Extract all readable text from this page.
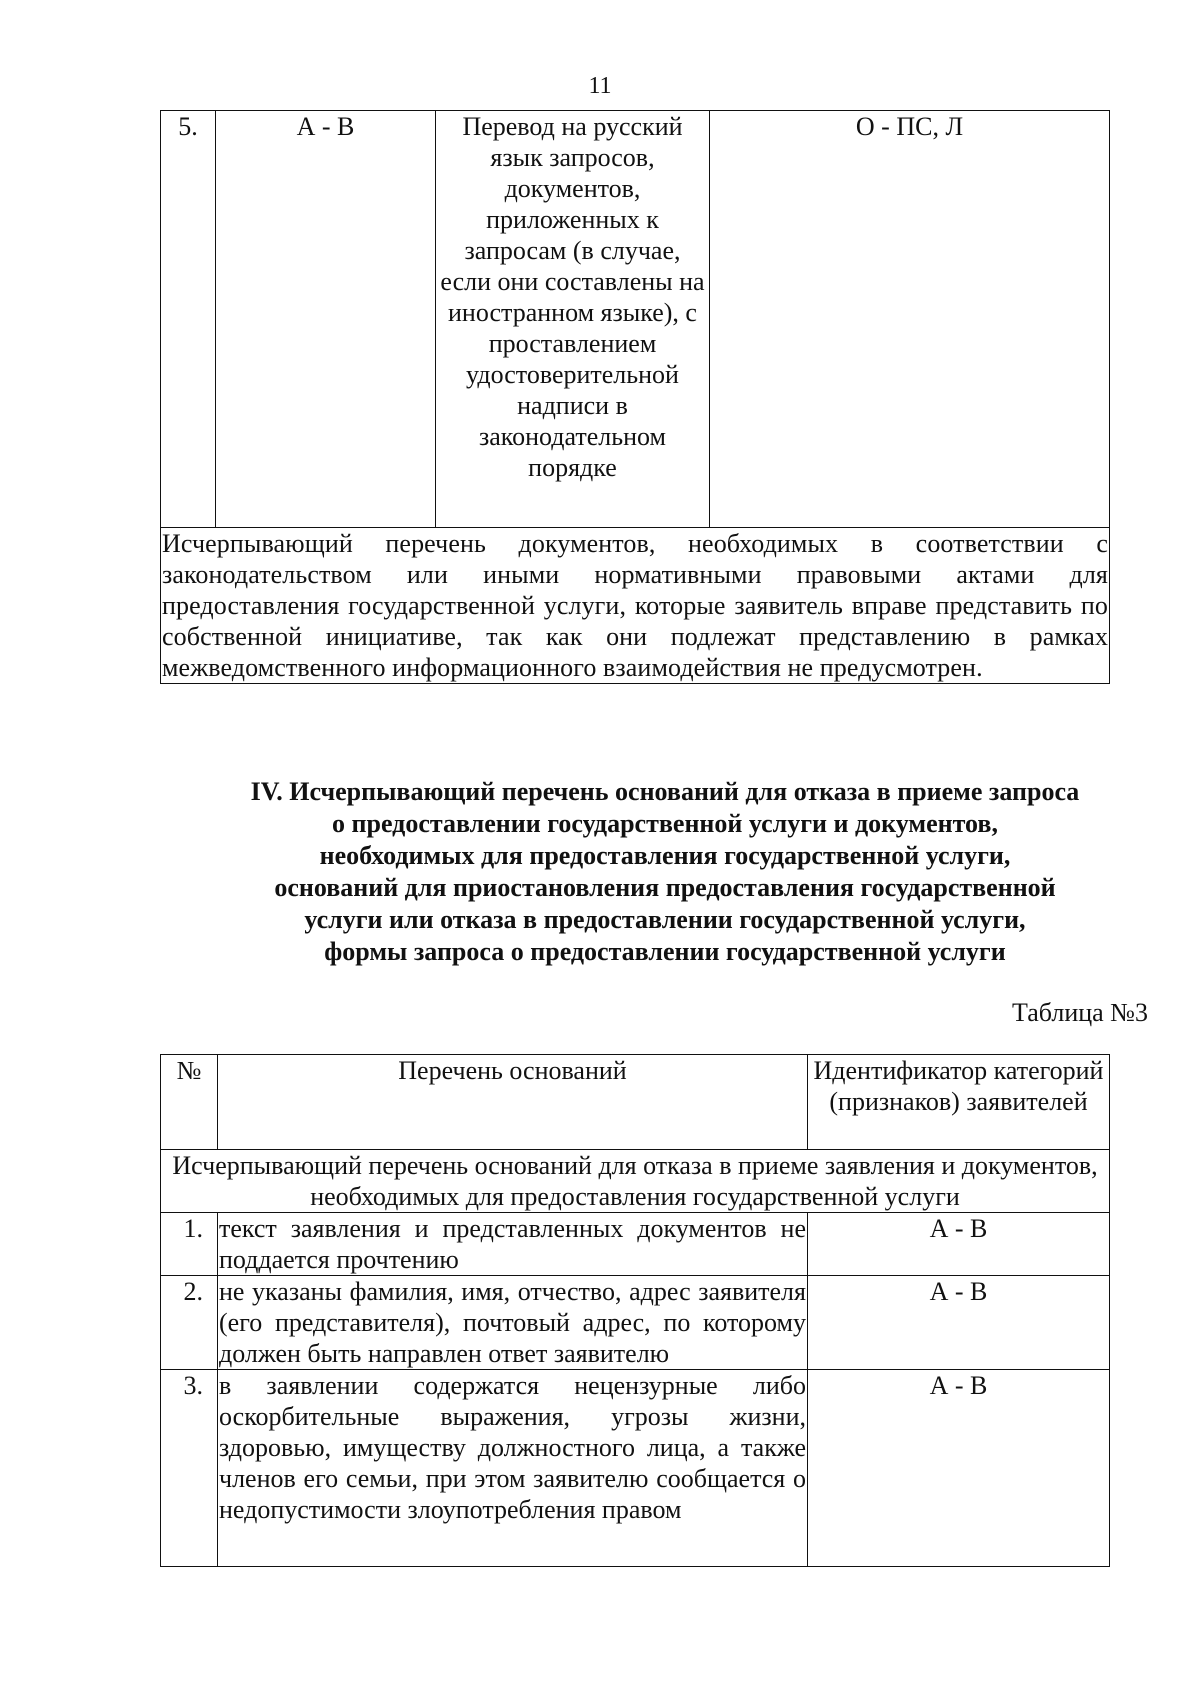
11
5.	А - В	Перевод на русский язык запросов, документов, приложенных к запросам (в случае, если они составлены на иностранном языке), с проставлением удостоверительной надписи в законодательном порядке	О - ПС, Л
Исчерпывающий перечень документов, необходимых в соответствии с законодательством или иными нормативными правовыми актами для предоставления государственной услуги, которые заявитель вправе представить по собственной инициативе, так как они подлежат представлению в рамках межведомственного информационного взаимодействия не предусмотрен.
IV. Исчерпывающий перечень оснований для отказа в приеме запроса
о предоставлении государственной услуги и документов,
необходимых для предоставления государственной услуги,
оснований для приостановления предоставления государственной
услуги или отказа в предоставлении государственной услуги,
формы запроса о предоставлении государственной услуги
Таблица №3
№	Перечень оснований	Идентификатор категорий (признаков) заявителей
Исчерпывающий перечень оснований для отказа в приеме заявления и документов, необходимых для предоставления государственной услуги		
1.	текст заявления и представленных документов не поддается прочтению	А - В
2.	не указаны фамилия, имя, отчество, адрес заявителя (его представителя), почтовый адрес, по которому должен быть направлен ответ заявителю	А - В
3.	в заявлении содержатся нецензурные либо оскорбительные выражения, угрозы жизни, здоровью, имуществу должностного лица, а также членов его семьи, при этом заявителю сообщается о недопустимости злоупотребления правом	А - В
